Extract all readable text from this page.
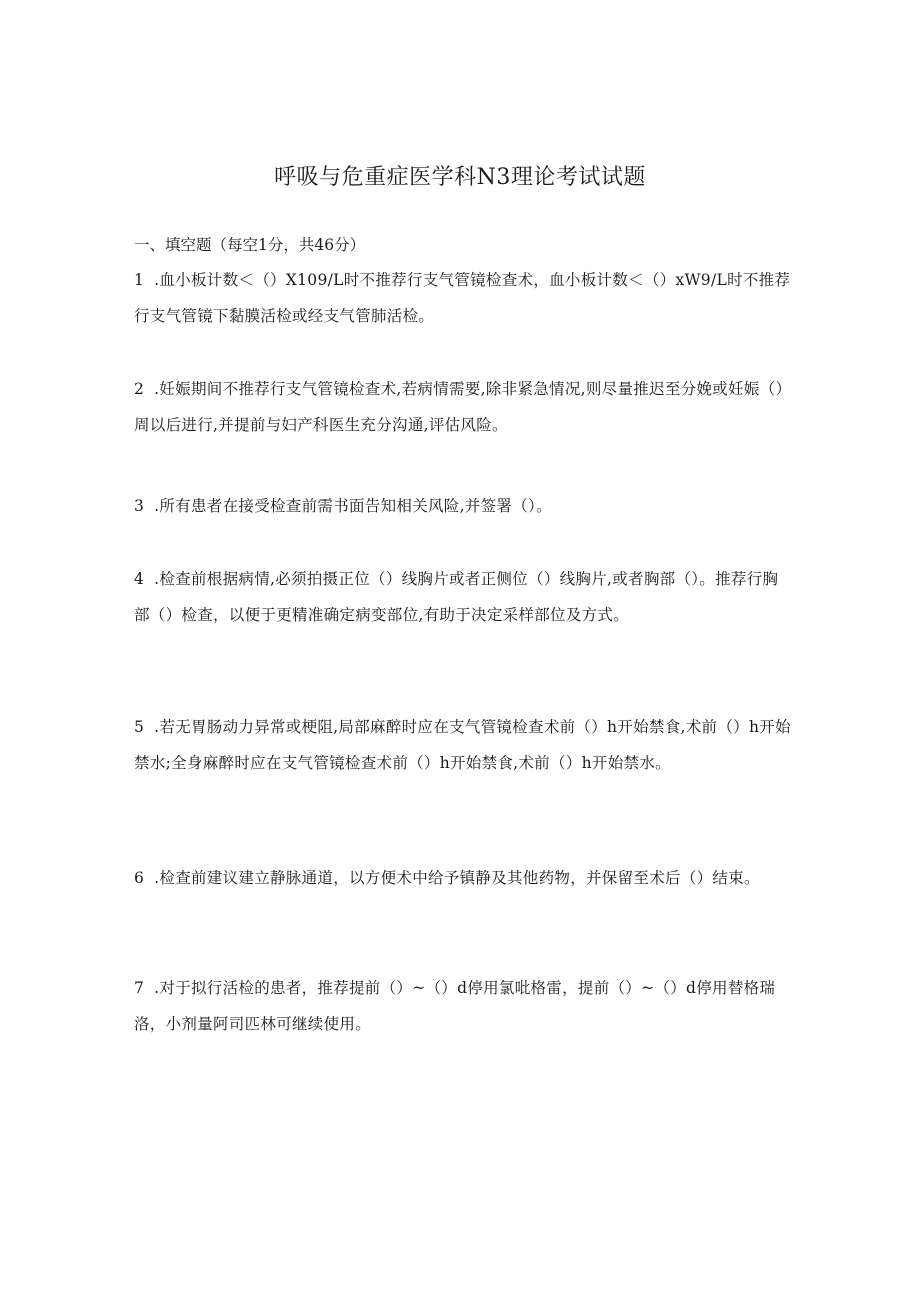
呼吸与危重症医学科N3理论考试试题
一、填空题（每空1分，共46分）
1 .血小板计数＜（）X109/L时不推荐行支气管镜检查术，血小板计数＜（）xW9/L时不推荐行支气管镜下黏膜活检或经支气管肺活检。
2 .妊娠期间不推荐行支气管镜检查术,若病情需要,除非紧急情况,则尽量推迟至分娩或妊娠（）周以后进行,并提前与妇产科医生充分沟通,评估风险。
3 .所有患者在接受检查前需书面告知相关风险,并签署（）。
4 .检查前根据病情,必须拍摄正位（）线胸片或者正侧位（）线胸片,或者胸部（）。推荐行胸部（）检查，以便于更精准确定病变部位,有助于决定采样部位及方式。
5 .若无胃肠动力异常或梗阻,局部麻醉时应在支气管镜检查术前（）h开始禁食,术前（）h开始禁水;全身麻醉时应在支气管镜检查术前（）h开始禁食,术前（）h开始禁水。
6 .检查前建议建立静脉通道，以方便术中给予镇静及其他药物，并保留至术后（）结束。
7 .对于拟行活检的患者，推荐提前（）~（）d停用氯吡格雷，提前（）~（）d停用替格瑞洛，小剂量阿司匹林可继续使用。
